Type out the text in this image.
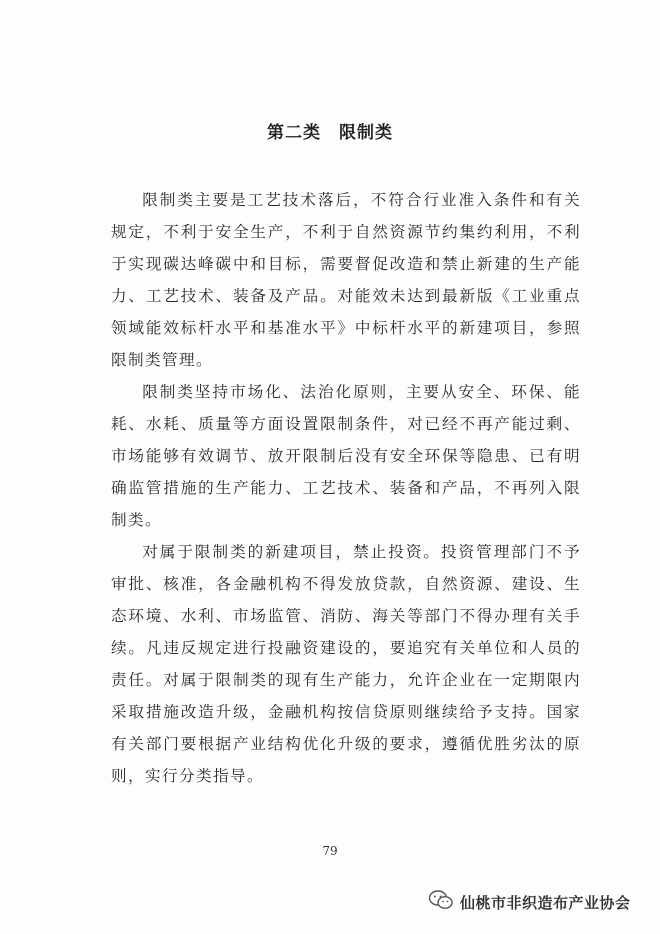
第二类　限制类

限制类主要是工艺技术落后，不符合行业准入条件和有关规定，不利于安全生产，不利于自然资源节约集约利用，不利于实现碳达峰碳中和目标，需要督促改造和禁止新建的生产能力、工艺技术、装备及产品。对能效未达到最新版《工业重点领域能效标杆水平和基准水平》中标杆水平的新建项目，参照限制类管理。

限制类坚持市场化、法治化原则，主要从安全、环保、能耗、水耗、质量等方面设置限制条件，对已经不再产能过剩、市场能够有效调节、放开限制后没有安全环保等隐患、已有明确监管措施的生产能力、工艺技术、装备和产品，不再列入限制类。

对属于限制类的新建项目，禁止投资。投资管理部门不予审批、核准，各金融机构不得发放贷款，自然资源、建设、生态环境、水利、市场监管、消防、海关等部门不得办理有关手续。凡违反规定进行投融资建设的，要追究有关单位和人员的责任。对属于限制类的现有生产能力，允许企业在一定期限内采取措施改造升级，金融机构按信贷原则继续给予支持。国家有关部门要根据产业结构优化升级的要求，遵循优胜劣汰的原则，实行分类指导。

79
仙桃市非织造布产业协会
